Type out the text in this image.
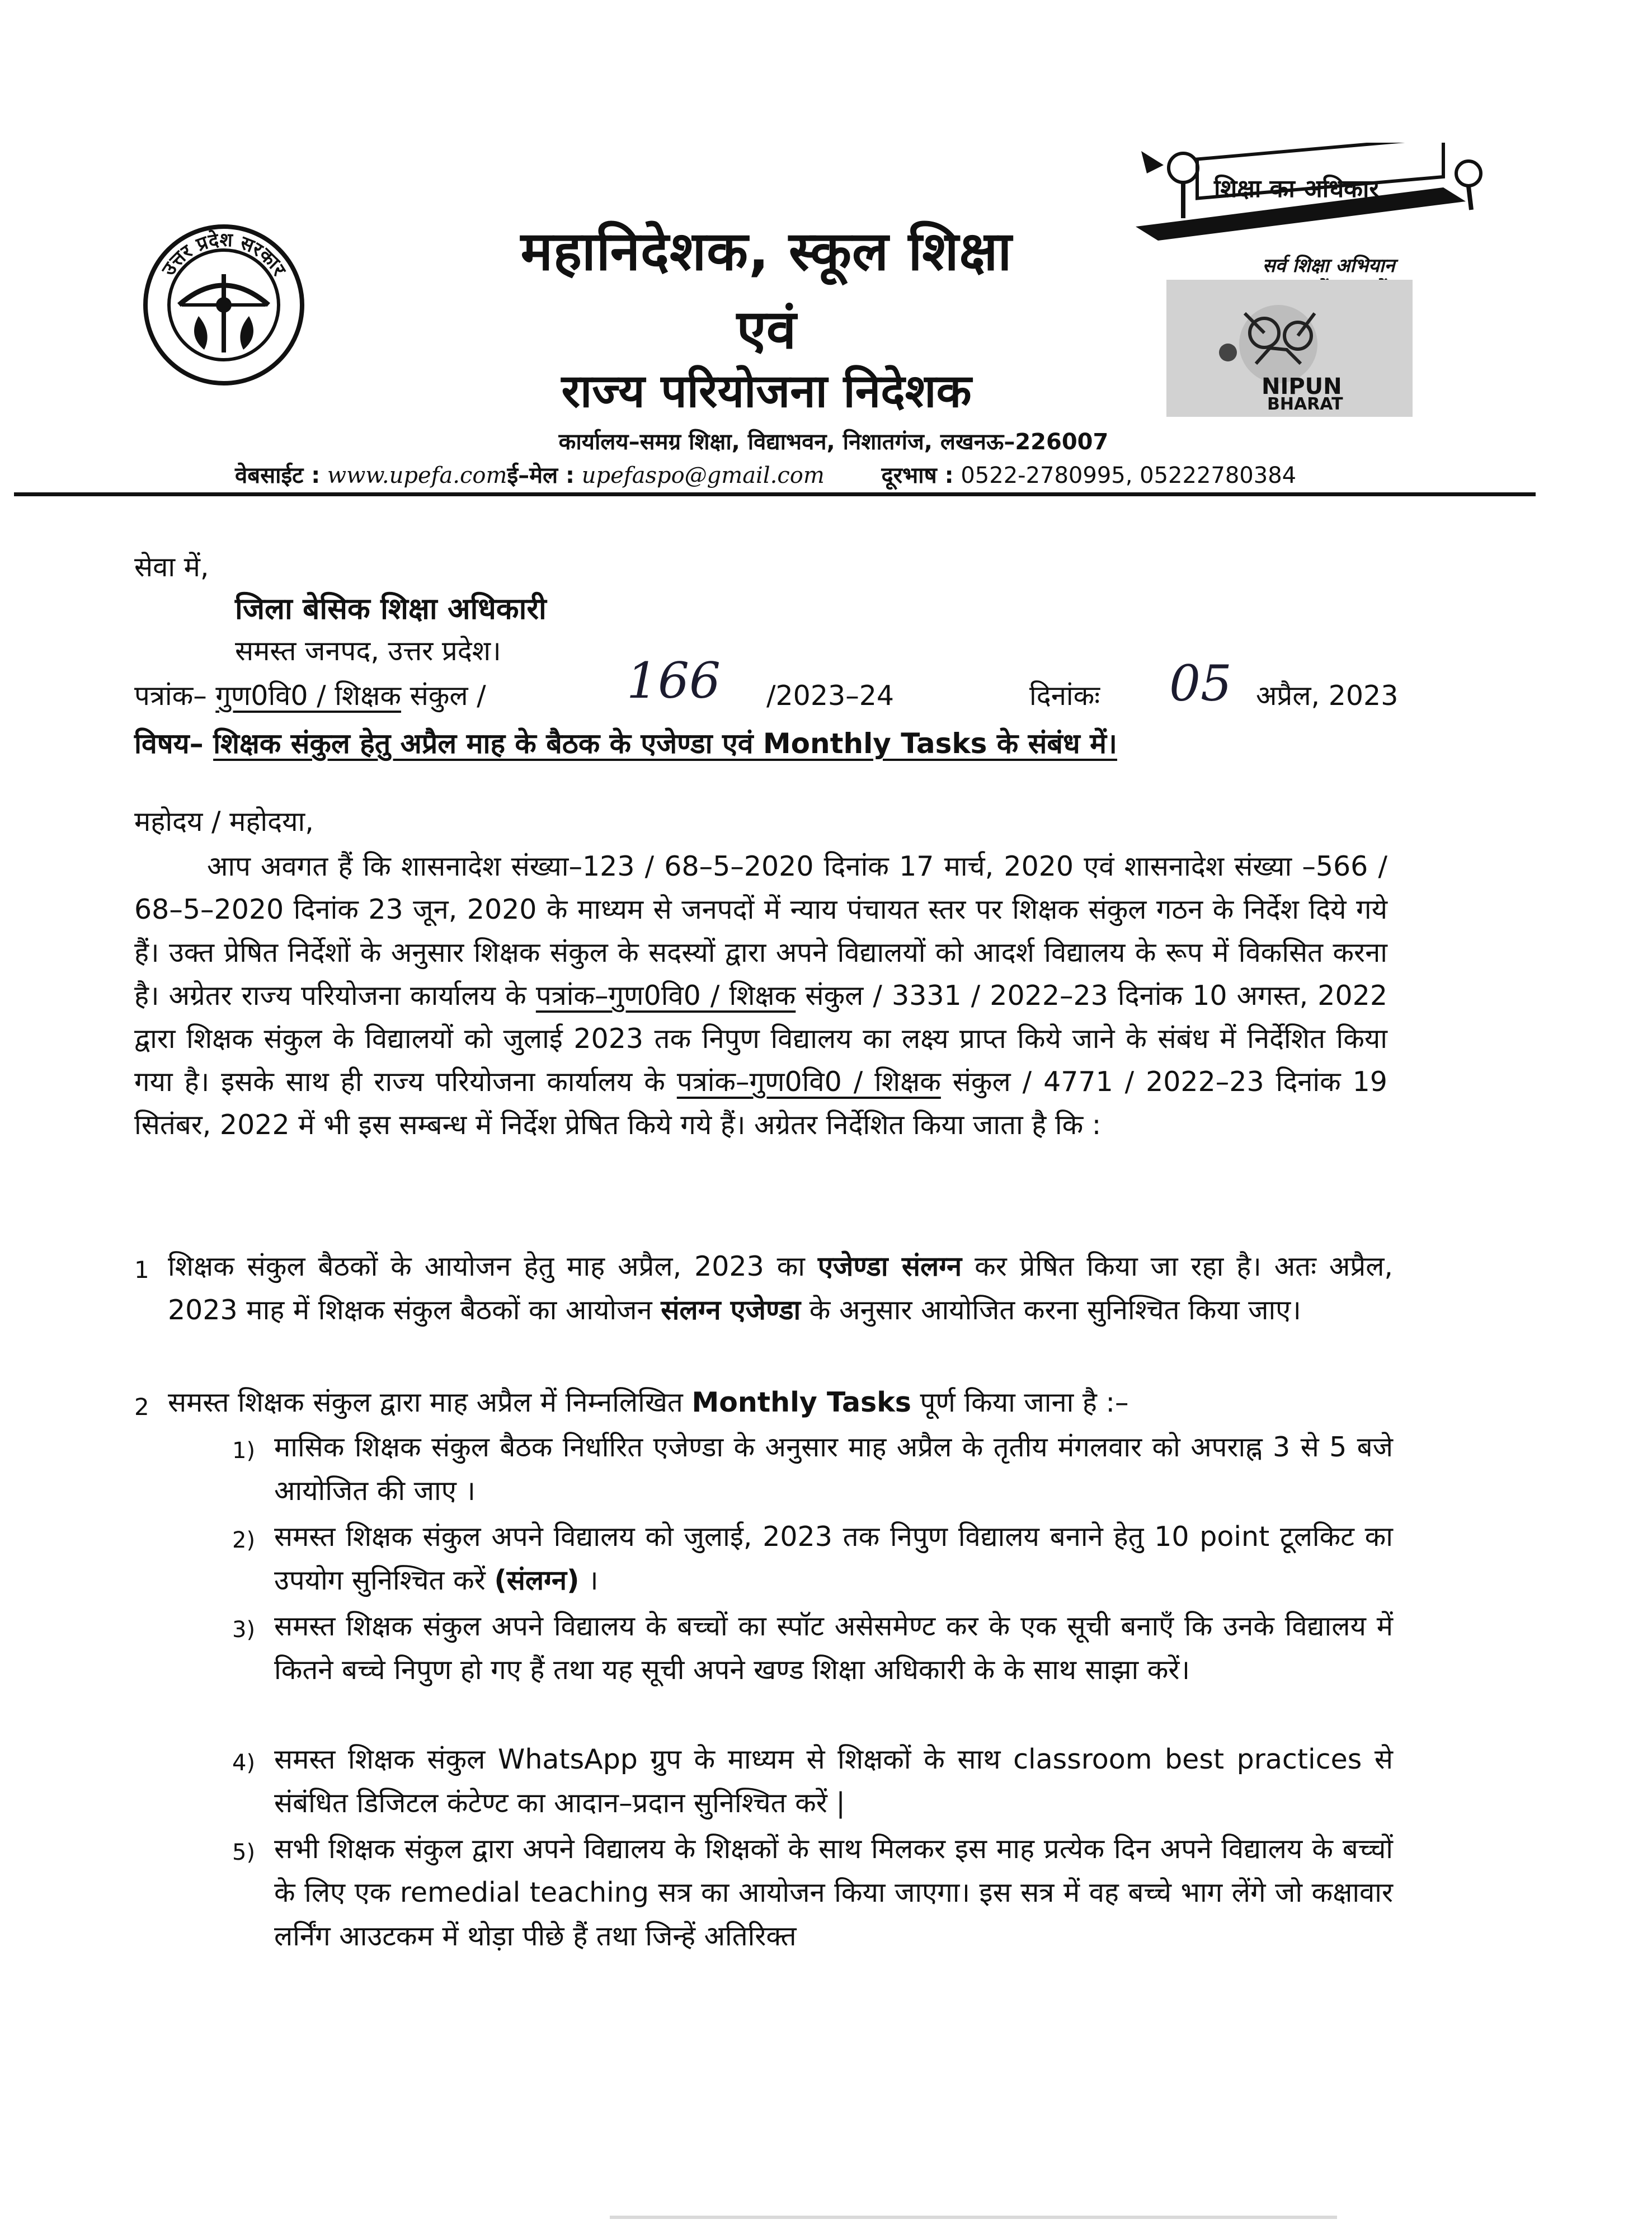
उत्तर प्रदेश सरकार	महानिदेशक, स्कूल शिक्षा
एवं
राज्य परियोजना निदेशक
कार्यालय–समग्र शिक्षा, विद्याभवन, निशातगंज, लखनऊ–226007
वेबसाईट : www.upefa.comई–मेल : upefaspo@gmail.com	दूरभाष : 0522-2780995, 05222780384
शिक्षा का अधिकार
सर्व शिक्षा अभियान
NIPUN
BHARAT
सेवा में,
जिला बेसिक शिक्षा अधिकारी
समस्त जनपद, उत्तर प्रदेश।
पत्रांक– गुण0वि0 / शिक्षक संकुल /	166 /2023–24	दिनांकः 05 अप्रैल, 2023
विषय– शिक्षक संकुल हेतु अप्रैल माह के बैठक के एजेण्डा एवं Monthly Tasks के संबंध में।
महोदय / महोदया,
आप अवगत हैं कि शासनादेश संख्या–123 / 68–5–2020 दिनांक 17 मार्च, 2020 एवं शासनादेश संख्या –566 / 68–5–2020 दिनांक 23 जून, 2020 के माध्यम से जनपदों में न्याय पंचायत स्तर पर शिक्षक संकुल गठन के निर्देश दिये गये हैं। उक्त प्रेषित निर्देशों के अनुसार शिक्षक संकुल के सदस्यों द्वारा अपने विद्यालयों को आदर्श विद्यालय के रूप में विकसित करना है। अग्रेतर राज्य परियोजना कार्यालय के पत्रांक–गुण0वि0 / शिक्षक संकुल / 3331 / 2022–23 दिनांक 10 अगस्त, 2022 द्वारा शिक्षक संकुल के विद्यालयों को जुलाई 2023 तक निपुण विद्यालय का लक्ष्य प्राप्त किये जाने के संबंध में निर्देशित किया गया है। इसके साथ ही राज्य परियोजना कार्यालय के पत्रांक–गुण0वि0 / शिक्षक संकुल / 4771 / 2022–23 दिनांक 19 सितंबर, 2022 में भी इस सम्बन्ध में निर्देश प्रेषित किये गये हैं। अग्रेतर निर्देशित किया जाता है कि :
1 शिक्षक संकुल बैठकों के आयोजन हेतु माह अप्रैल, 2023 का एजेण्डा संलग्न कर प्रेषित किया जा रहा है। अतः अप्रैल, 2023 माह में शिक्षक संकुल बैठकों का आयोजन संलग्न एजेण्डा के अनुसार आयोजित करना सुनिश्चित किया जाए।
2 समस्त शिक्षक संकुल द्वारा माह अप्रैल में निम्नलिखित Monthly Tasks पूर्ण किया जाना है :–
1) मासिक शिक्षक संकुल बैठक निर्धारित एजेण्डा के अनुसार माह अप्रैल के तृतीय मंगलवार को अपराह्न 3 से 5 बजे आयोजित की जाए ।
2) समस्त शिक्षक संकुल अपने विद्यालय को जुलाई, 2023 तक निपुण विद्यालय बनाने हेतु 10 point टूलकिट का उपयोग सुनिश्चित करें (संलग्न) ।
3) समस्त शिक्षक संकुल अपने विद्यालय के बच्चों का स्पॉट असेसमेण्ट कर के एक सूची बनाएँ कि उनके विद्यालय में कितने बच्चे निपुण हो गए हैं तथा यह सूची अपने खण्ड शिक्षा अधिकारी के के साथ साझा करें।
4) समस्त शिक्षक संकुल WhatsApp ग्रुप के माध्यम से शिक्षकों के साथ classroom best practices से संबंधित डिजिटल कंटेण्ट का आदान–प्रदान सुनिश्चित करें |
5) सभी शिक्षक संकुल द्वारा अपने विद्यालय के शिक्षकों के साथ मिलकर इस माह प्रत्येक दिन अपने विद्यालय के बच्चों के लिए एक remedial teaching सत्र का आयोजन किया जाएगा। इस सत्र में वह बच्चे भाग लेंगे जो कक्षावार लर्निंग आउटकम में थोड़ा पीछे हैं तथा जिन्हें अतिरिक्त
